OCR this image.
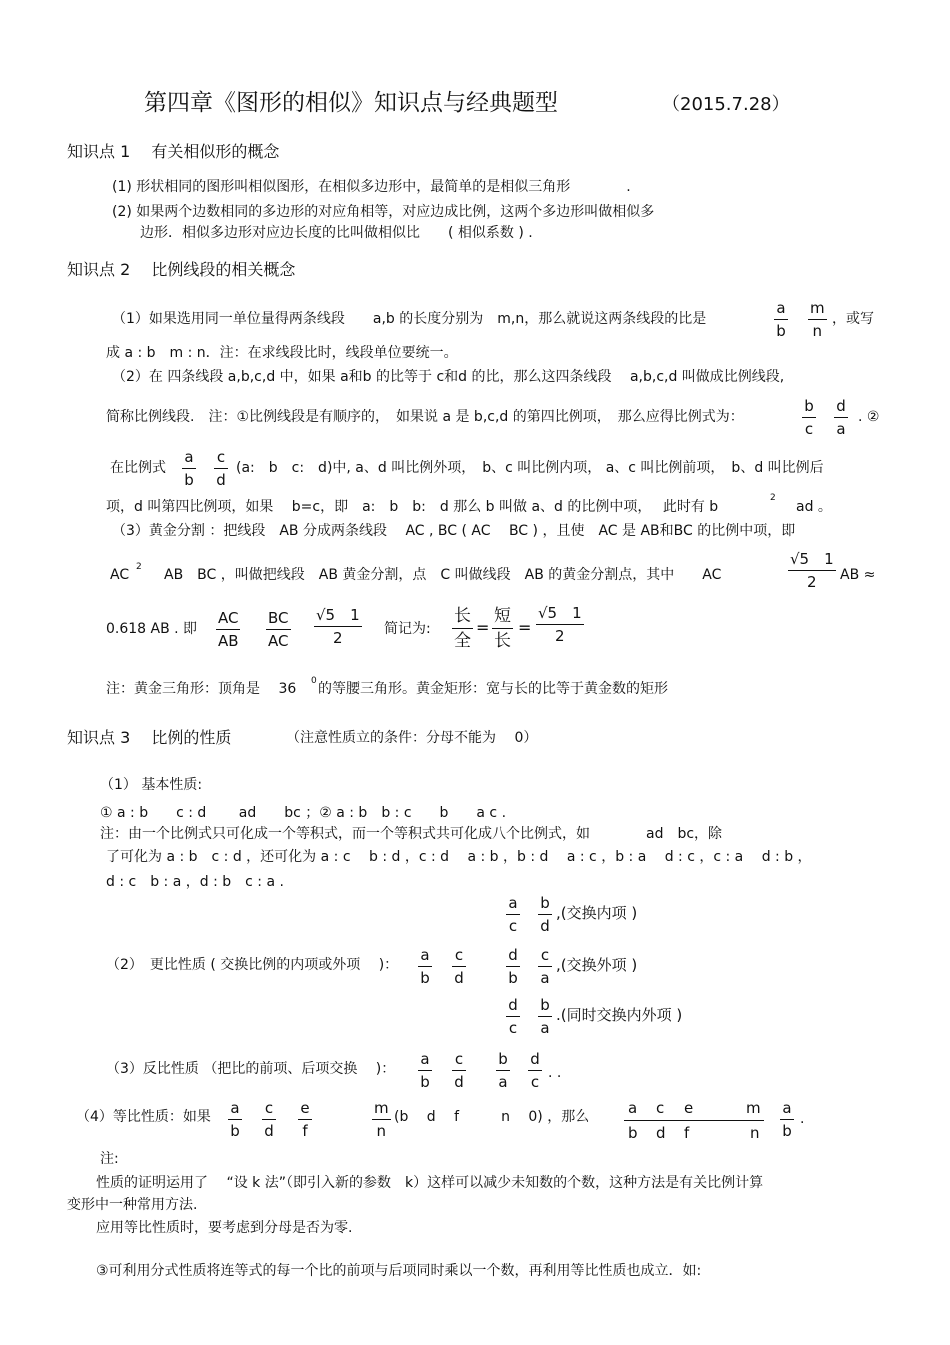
第四章《图形的相似》知识点与经典题型	（2015.7.28）
知识点 1　 有关相似形的概念
(1) 形状相同的图形叫相似图形，在相似多边形中，最简单的是相似三角形　　　　.
(2) 如果两个边数相同的多边形的对应角相等，对应边成比例，这两个多边形叫做相似多
边形．相似多边形对应边长度的比叫做相似比　　( 相似系数 ) .
知识点 2　 比例线段的相关概念
（1）如果选用同一单位量得两条线段　　a,b 的长度分别为　m,n，那么就说这两条线段的比是	$\frac{a}{b} \frac{m}{n}$ ，或写
成 a : b　m : n．注：在求线段比时，线段单位要统一。
（2）在 四条线段 a,b,c,d 中，如果 a和b 的比等于 c和d 的比，那么这四条线段　 a,b,c,d 叫做成比例线段,
简称比例线段.　注：①比例线段是有顺序的，　如果说 a 是 b,c,d 的第四比例项，　那么应得比例式为：	$\frac{b}{c} \frac{d}{a}$ . ②
在比例式 $\frac{a}{b} \frac{c}{d} (a$:　b　c:　d)中, a、d 叫比例外项，　b、c 叫比例内项， a、c 叫比例前项，　b、d 叫比例后
项，d 叫第四比例项，如果　 b=c，即　a:　b　b:　d 那么 b 叫做 a、d 的比例中项，　 此时有 b
2
ad 。
（3）黄金分割 ：把线段　AB 分成两条线段　 AC , BC ( AC　 BC ) ，且使　AC 是 AB和BC 的比例中项，即
AC 2 AB　BC ，叫做把线段　AB 黄金分割，点　C 叫做线段　AB 的黄金分割点，其中　　AC	$\frac{√5 1}{2}$ AB ≈
0.618 AB . 即 $\frac{AC}{AB} \frac{BC}{AC} \frac{√5 1}{2}$ 简记为:
长
全
=
短
长
= $\frac{√5 1}{2}$
注：黄金三角形：顶角是　 36 0 的等腰三角形。黄金矩形：宽与长的比等于黄金数的矩形
知识点 3　 比例的性质	（注意性质立的条件：分母不能为　 0）
（1） 基本性质:
① a : b　　c : d　　 ad　　bc ；② a : b　b : c　　b　　a c .
注：由一个比例式只可化成一个等积式，而一个等积式共可化成八个比例式，如　　　　ad　bc，除
了可化为 a : b　c : d ，还可化为 a : c　 b : d ，c : d　 a : b ，b : d　 a : c ，b : a　 d : c ，c : a　 d : b ，
d : c　b : a ，d : b　c : a .
$\frac{a}{c} \frac{b}{d}$ ,(交换内项 )
（2）　更比性质 ( 交换比例的内项或外项　 )： $\frac{a}{b} \frac{c}{d}$	$\frac{d}{b} \frac{c}{a}$ ,(交换外项 )
$\frac{d}{c} \frac{b}{a}$ .(同时交换内外项 )
（3）反比性质 （把比的前项、后项交换　 )： $\frac{a}{b} \frac{c}{d} \frac{b}{a} \frac{d}{c}$ . .
（4）等比性质：如果 $\frac{a}{b} \frac{c}{d} \frac{e}{f}$	$\frac{m}{n} (b$　 d　 f　　　n　 0) ，那么	a c e	m
b d f	n $\frac{a}{b}$ .
注:
性质的证明运用了　 “设 k 法”（即引入新的参数　k）这样可以减少未知数的个数，这种方法是有关比例计算
变形中一种常用方法.
应用等比性质时，要考虑到分母是否为零.
③可利用分式性质将连等式的每一个比的前项与后项同时乘以一个数，再利用等比性质也成立．如:
